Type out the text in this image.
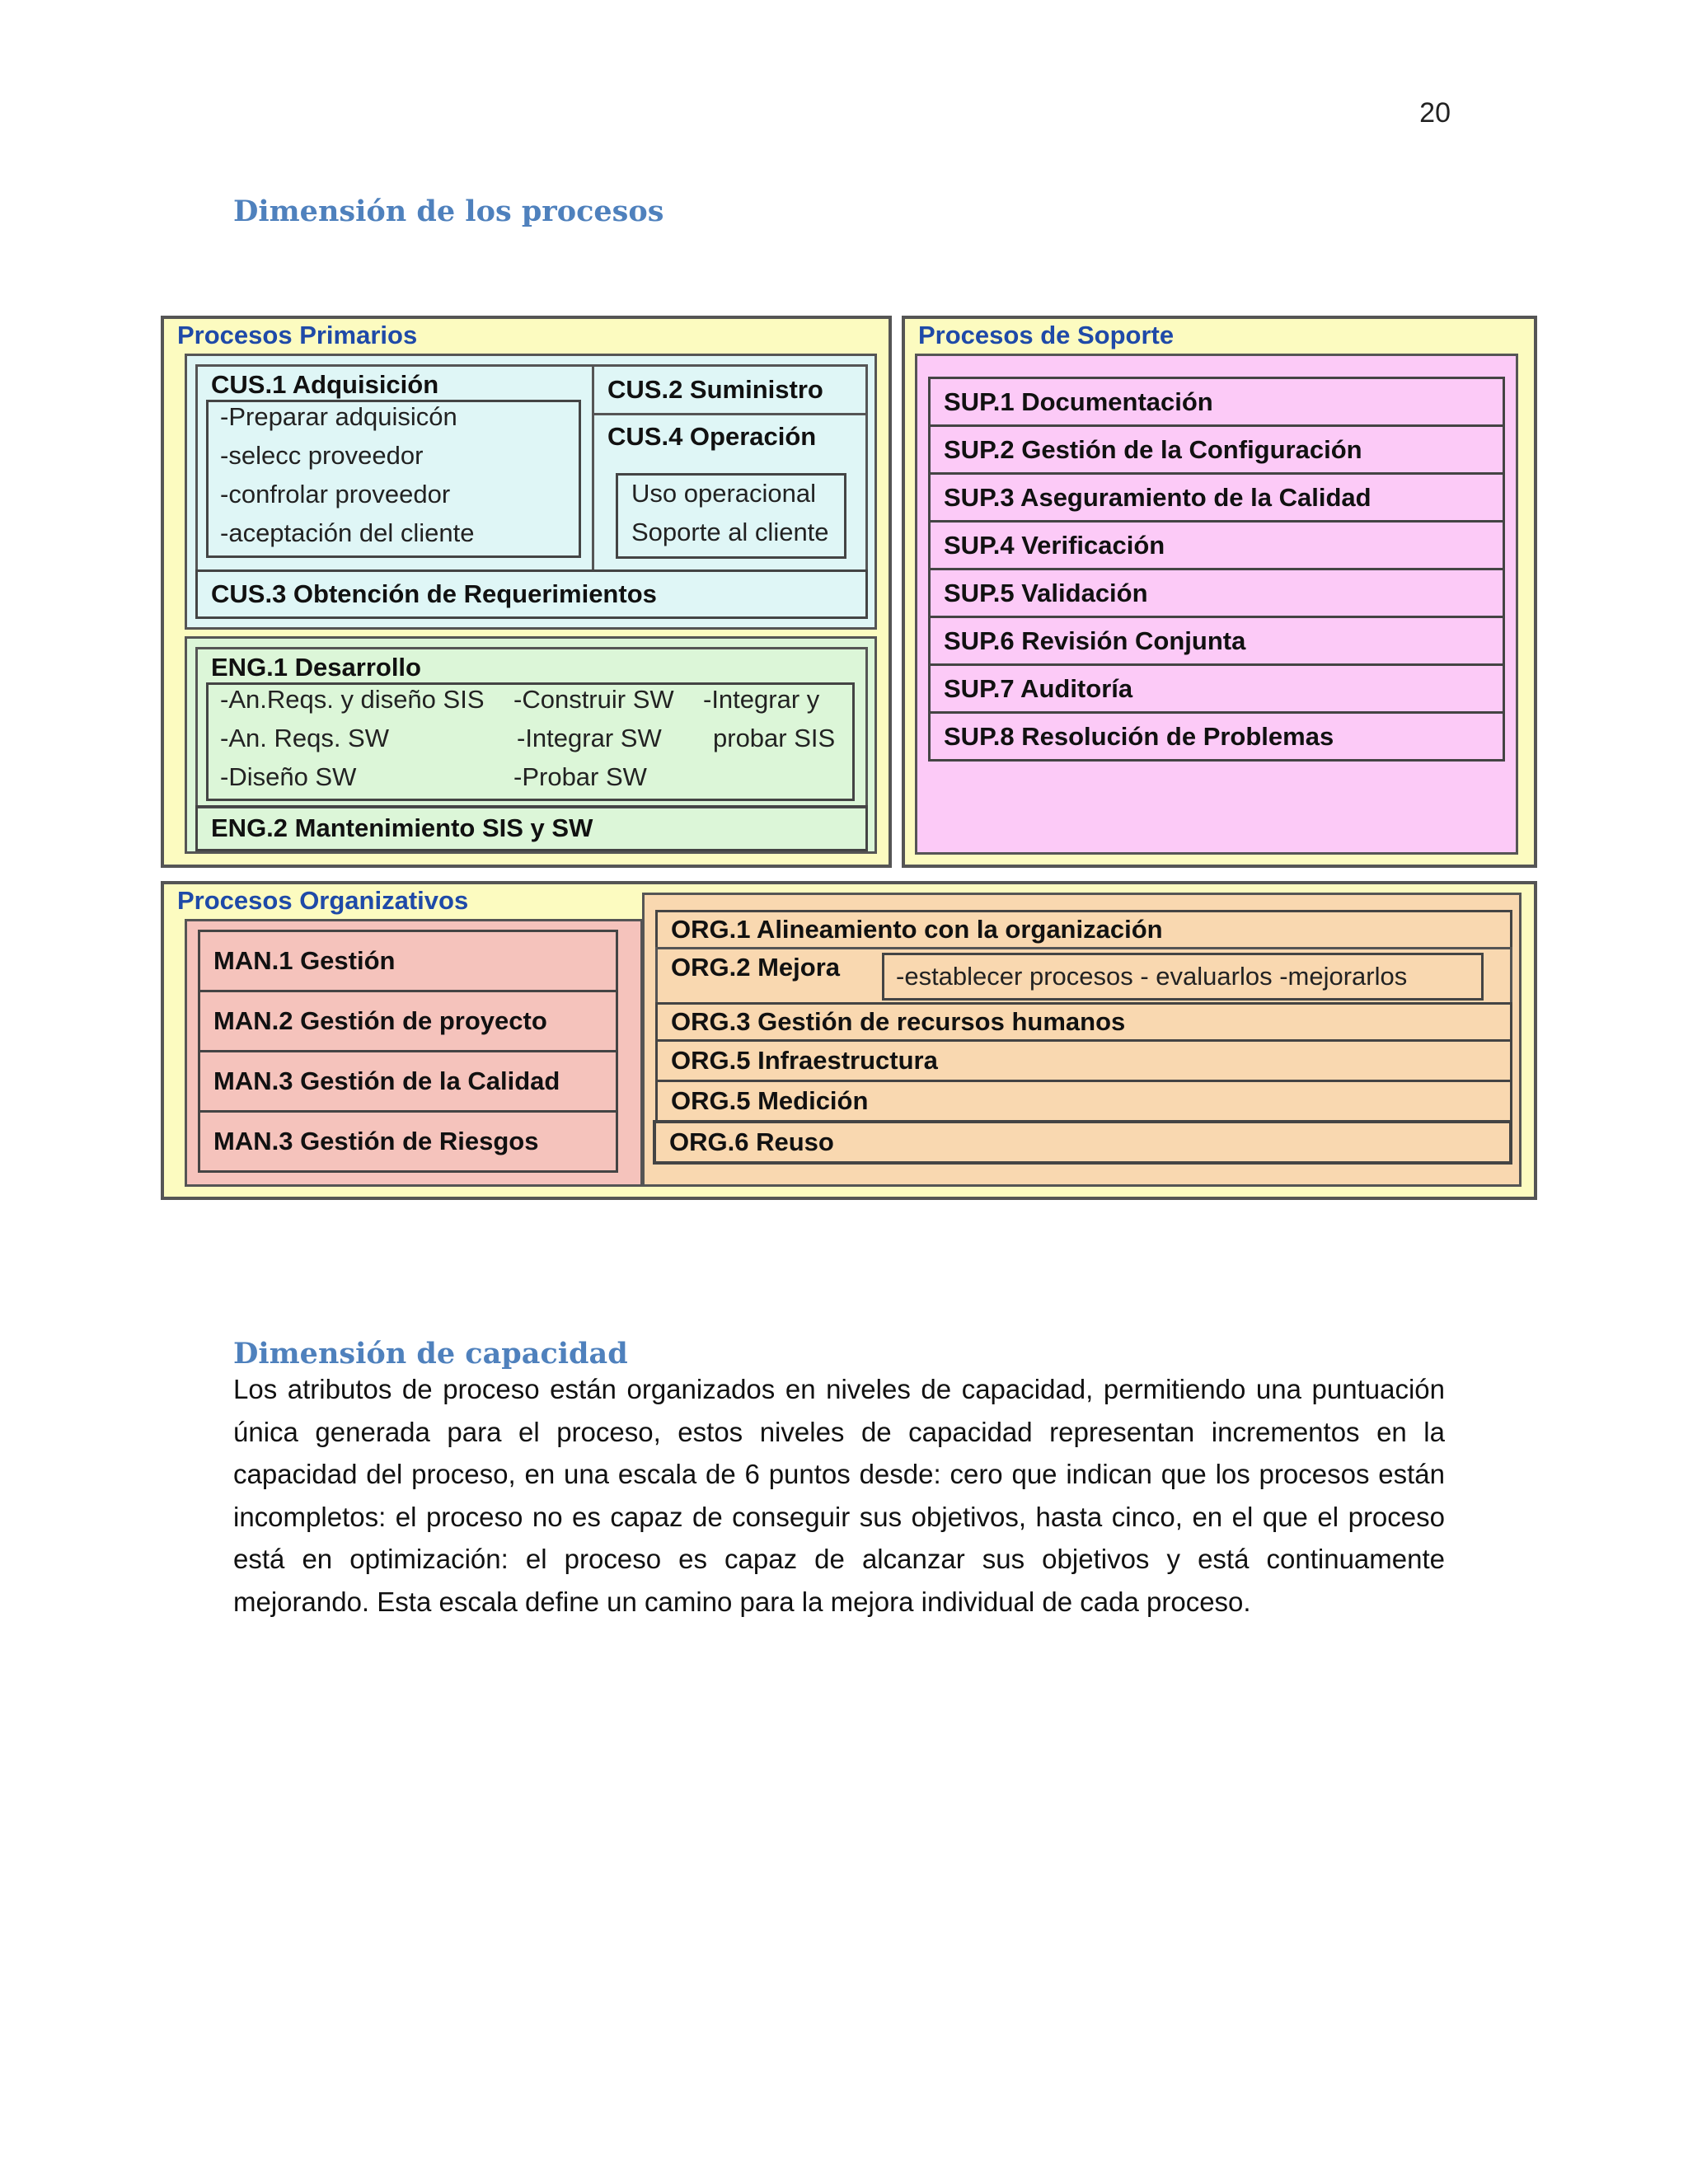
20
Dimensión de los procesos
Procesos Primarios
CUS.1 Adquisición
-Preparar adquisicón
-selecc proveedor
-confrolar proveedor
-aceptación del cliente
CUS.2 Suministro
CUS.4 Operación
Uso operacional
Soporte al cliente
CUS.3 Obtención de Requerimientos
ENG.1 Desarrollo
-An.Reqs. y diseño SIS
-An. Reqs. SW
-Diseño SW
-Construir SW
-Integrar SW
-Probar SW
-Integrar y
probar SIS
ENG.2 Mantenimiento SIS y SW
Procesos de Soporte
SUP.1 Documentación
SUP.2 Gestión de la Configuración
SUP.3 Aseguramiento de la Calidad
SUP.4 Verificación
SUP.5 Validación
SUP.6 Revisión Conjunta
SUP.7 Auditoría
SUP.8 Resolución de Problemas
Procesos Organizativos
MAN.1 Gestión
MAN.2 Gestión de proyecto
MAN.3 Gestión de la Calidad
MAN.3 Gestión de Riesgos
ORG.1 Alineamiento con la organización
ORG.2 Mejora -establecer procesos - evaluarlos -mejorarlos
ORG.3 Gestión de recursos humanos
ORG.5 Infraestructura
ORG.5 Medición
ORG.6 Reuso
Dimensión de capacidad
Los atributos de proceso están organizados en niveles de capacidad, permitiendo una puntuación única generada para el proceso, estos niveles de capacidad representan incrementos en la capacidad del proceso, en una escala de 6 puntos desde: cero que indican que los procesos están incompletos: el proceso no es capaz de conseguir sus objetivos, hasta cinco, en el que el proceso está en optimización: el proceso es capaz de alcanzar sus objetivos y está continuamente mejorando. Esta escala define un camino para la mejora individual de cada proceso.
